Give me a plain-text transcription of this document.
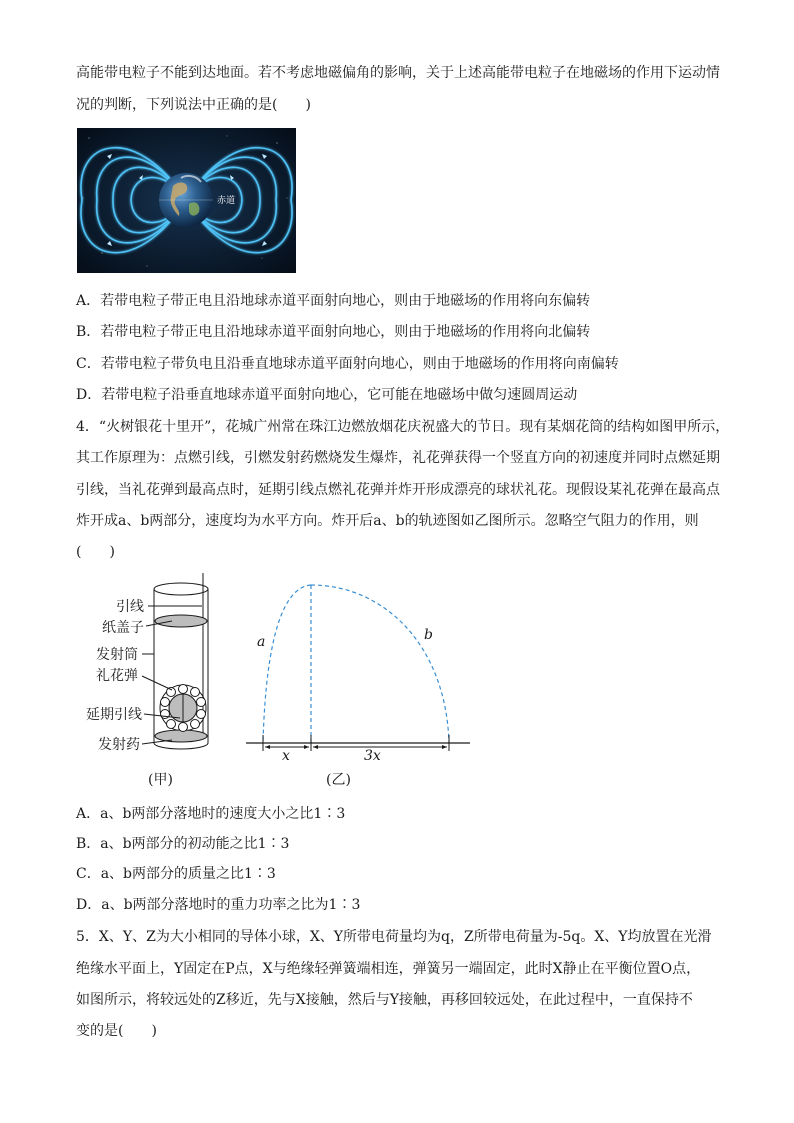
高能带电粒子不能到达地面。若不考虑地磁偏角的影响，关于上述高能带电粒子在地磁场的作用下运动情
况的判断，下列说法中正确的是(　　)
赤道
A．若带电粒子带正电且沿地球赤道平面射向地心，则由于地磁场的作用将向东偏转
B．若带电粒子带正电且沿地球赤道平面射向地心，则由于地磁场的作用将向北偏转
C．若带电粒子带负电且沿垂直地球赤道平面射向地心，则由于地磁场的作用将向南偏转
D．若带电粒子沿垂直地球赤道平面射向地心，它可能在地磁场中做匀速圆周运动
4．“火树银花十里开”，花城广州常在珠江边燃放烟花庆祝盛大的节日。现有某烟花筒的结构如图甲所示，
其工作原理为：点燃引线，引燃发射药燃烧发生爆炸，礼花弹获得一个竖直方向的初速度并同时点燃延期
引线，当礼花弹到最高点时，延期引线点燃礼花弹并炸开形成漂亮的球状礼花。现假设某礼花弹在最高点
炸开成a、b两部分，速度均为水平方向。炸开后a、b的轨迹图如乙图所示。忽略空气阻力的作用，则
(　　)
引线
纸盖子
发射筒
礼花弹
延期引线
发射药
(甲)
a	b
x	3x
(乙)
A．a、b两部分落地时的速度大小之比1∶3
B．a、b两部分的初动能之比1∶3
C．a、b两部分的质量之比1∶3
D．a、b两部分落地时的重力功率之比为1∶3
5．X、Y、Z为大小相同的导体小球，X、Y所带电荷量均为q，Z所带电荷量为-5q。X、Y均放置在光滑
绝缘水平面上，Y固定在P点，X与绝缘轻弹簧端相连，弹簧另一端固定，此时X静止在平衡位置O点，
如图所示，将较远处的Z移近，先与X接触，然后与Y接触，再移回较远处，在此过程中，一直保持不
变的是(　　)
